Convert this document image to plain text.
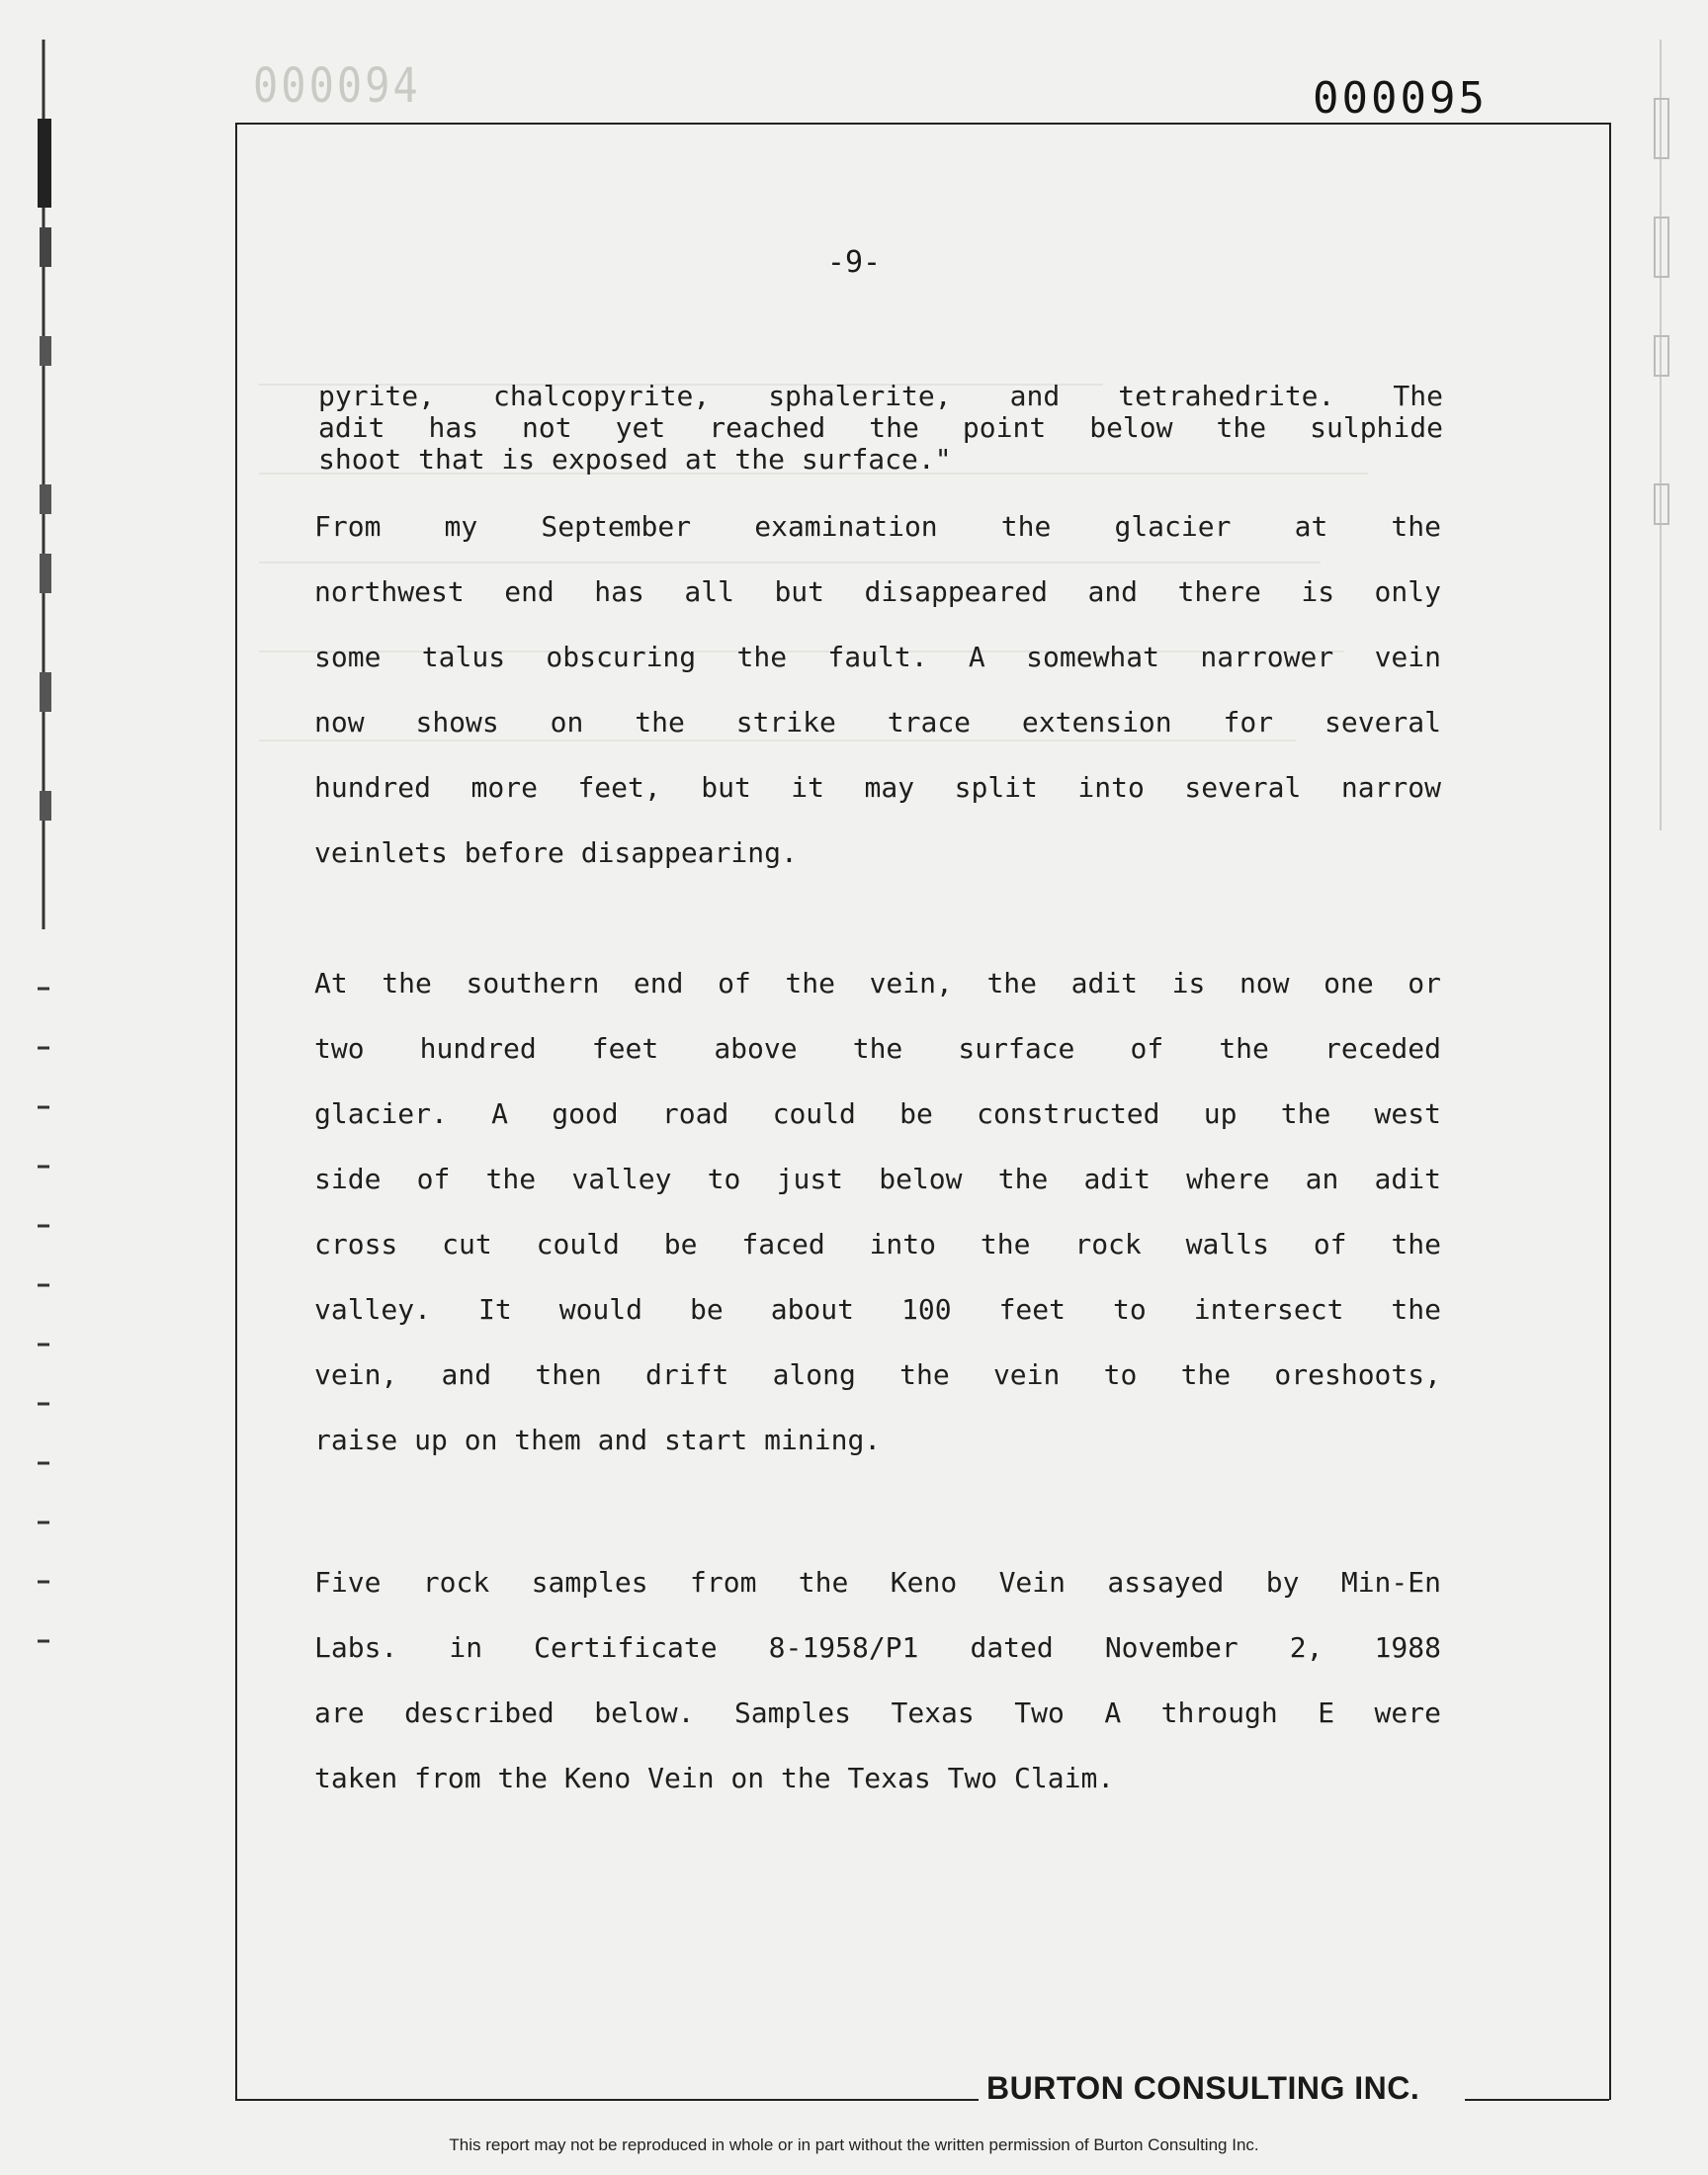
000094	000095
-9-
pyrite, chalcopyrite, sphalerite, and tetrahedrite. The
adit has not yet reached the point below the sulphide
shoot that is exposed at the surface."
From my September examination the glacier at the
northwest end has all but disappeared and there is only
some talus obscuring the fault. A somewhat narrower vein
now shows on the strike trace extension for several
hundred more feet, but it may split into several narrow
veinlets before disappearing.
At the southern end of the vein, the adit is now one or
two hundred feet above the surface of the receded
glacier. A good road could be constructed up the west
side of the valley to just below the adit where an adit
cross cut could be faced into the rock walls of the
valley. It would be about 100 feet to intersect the
vein, and then drift along the vein to the oreshoots,
raise up on them and start mining.
Five rock samples from the Keno Vein assayed by Min-En
Labs. in Certificate 8-1958/P1 dated November 2, 1988
are described below. Samples Texas Two A through E were
taken from the Keno Vein on the Texas Two Claim.
BURTON CONSULTING INC.
This report may not be reproduced in whole or in part without the written permission of Burton Consulting Inc.
